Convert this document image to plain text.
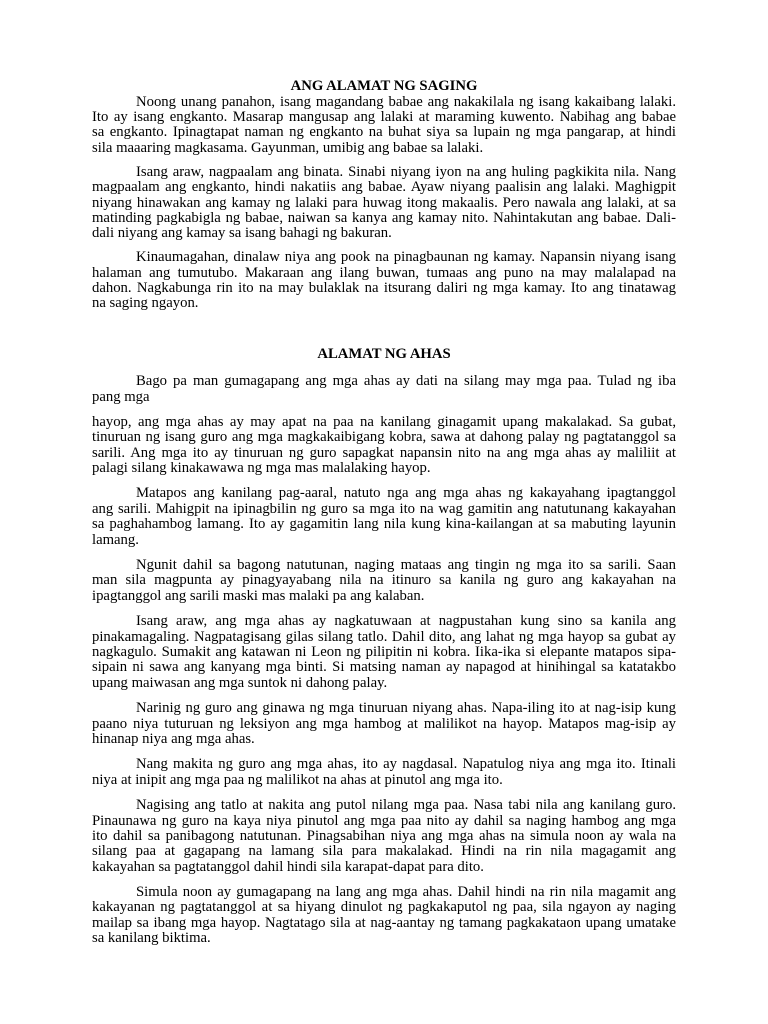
ANG ALAMAT NG SAGING
Noong unang panahon, isang magandang babae ang nakakilala ng isang kakaibang lalaki.
Ito ay isang engkanto. Masarap mangusap ang lalaki at maraming kuwento. Nabihag ang babae
sa engkanto. Ipinagtapat naman ng engkanto na buhat siya sa lupain ng mga pangarap, at hindi
sila maaaring magkasama. Gayunman, umibig ang babae sa lalaki.
Isang araw, nagpaalam ang binata. Sinabi niyang iyon na ang huling pagkikita nila. Nang
magpaalam ang engkanto, hindi nakatiis ang babae. Ayaw niyang paalisin ang lalaki. Maghigpit
niyang hinawakan ang kamay ng lalaki para huwag itong makaalis. Pero nawala ang lalaki, at sa
matinding pagkabigla ng babae, naiwan sa kanya ang kamay nito. Nahintakutan ang babae. Dali-
dali niyang ang kamay sa isang bahagi ng bakuran.
Kinaumagahan, dinalaw niya ang pook na pinagbaunan ng kamay. Napansin niyang isang
halaman ang tumutubo. Makaraan ang ilang buwan, tumaas ang puno na may malalapad na
dahon. Nagkabunga rin ito na may bulaklak na itsurang daliri ng mga kamay. Ito ang tinatawag
na saging ngayon.
ALAMAT NG AHAS
Bago pa man gumagapang ang mga ahas ay dati na silang may mga paa. Tulad ng iba
pang mga
hayop, ang mga ahas ay may apat na paa na kanilang ginagamit upang makalakad. Sa gubat,
tinuruan ng isang guro ang mga magkakaibigang kobra, sawa at dahong palay ng pagtatanggol sa
sarili. Ang mga ito ay tinuruan ng guro sapagkat napansin nito na ang mga ahas ay maliliit at
palagi silang kinakawawa ng mga mas malalaking hayop.
Matapos ang kanilang pag-aaral, natuto nga ang mga ahas ng kakayahang ipagtanggol
ang sarili. Mahigpit na ipinagbilin ng guro sa mga ito na wag gamitin ang natutunang kakayahan
sa paghahambog lamang. Ito ay gagamitin lang nila kung kina-kailangan at sa mabuting layunin
lamang.
Ngunit dahil sa bagong natutunan, naging mataas ang tingin ng mga ito sa sarili. Saan
man sila magpunta ay pinagyayabang nila na itinuro sa kanila ng guro ang kakayahan na
ipagtanggol ang sarili maski mas malaki pa ang kalaban.
Isang araw, ang mga ahas ay nagkatuwaan at nagpustahan kung sino sa kanila ang
pinakamagaling. Nagpatagisang gilas silang tatlo. Dahil dito, ang lahat ng mga hayop sa gubat ay
nagkagulo. Sumakit ang katawan ni Leon ng pilipitin ni kobra. Iika-ika si elepante matapos sipa-
sipain ni sawa ang kanyang mga binti. Si matsing naman ay napagod at hinihingal sa katatakbo
upang maiwasan ang mga suntok ni dahong palay.
Narinig ng guro ang ginawa ng mga tinuruan niyang ahas. Napa-iling ito at nag-isip kung
paano niya tuturuan ng leksiyon ang mga hambog at malilikot na hayop. Matapos mag-isip ay
hinanap niya ang mga ahas.
Nang makita ng guro ang mga ahas, ito ay nagdasal. Napatulog niya ang mga ito. Itinali
niya at inipit ang mga paa ng malilikot na ahas at pinutol ang mga ito.
Nagising ang tatlo at nakita ang putol nilang mga paa. Nasa tabi nila ang kanilang guro.
Pinaunawa ng guro na kaya niya pinutol ang mga paa nito ay dahil sa naging hambog ang mga
ito dahil sa panibagong natutunan. Pinagsabihan niya ang mga ahas na simula noon ay wala na
silang paa at gagapang na lamang sila para makalakad. Hindi na rin nila magagamit ang
kakayahan sa pagtatanggol dahil hindi sila karapat-dapat para dito.
Simula noon ay gumagapang na lang ang mga ahas. Dahil hindi na rin nila magamit ang
kakayanan ng pagtatanggol at sa hiyang dinulot ng pagkakaputol ng paa, sila ngayon ay naging
mailap sa ibang mga hayop. Nagtatago sila at nag-aantay ng tamang pagkakataon upang umatake
sa kanilang biktima.
